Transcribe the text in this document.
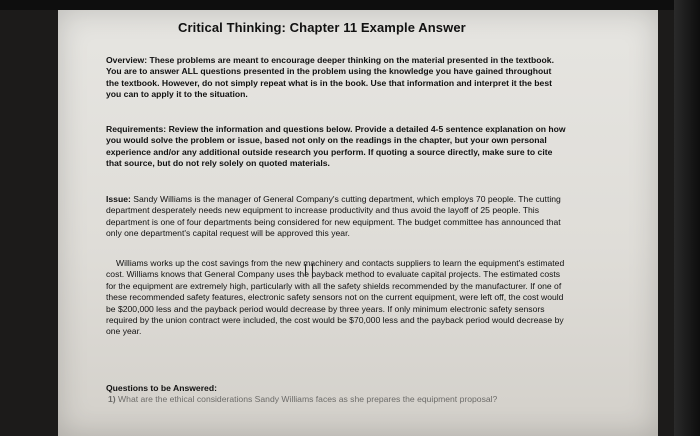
Critical Thinking: Chapter 11 Example Answer
Overview: These problems are meant to encourage deeper thinking on the material presented in the textbook. You are to answer ALL questions presented in the problem using the knowledge you have gained throughout the textbook. However, do not simply repeat what is in the book. Use that information and interpret it the best you can to apply it to the situation.
Requirements: Review the information and questions below. Provide a detailed 4-5 sentence explanation on how you would solve the problem or issue, based not only on the readings in the chapter, but your own personal experience and/or any additional outside research you perform. If quoting a source directly, make sure to cite that source, but do not rely solely on quoted materials.
Issue: Sandy Williams is the manager of General Company's cutting department, which employs 70 people. The cutting department desperately needs new equipment to increase productivity and thus avoid the layoff of 25 people. This department is one of four departments being considered for new equipment. The budget committee has announced that only one department's capital request will be approved this year.
Williams works up the cost savings from the new machinery and contacts suppliers to learn the equipment's estimated cost. Williams knows that General Company uses the payback method to evaluate capital projects. The estimated costs for the equipment are extremely high, particularly with all the safety shields recommended by the manufacturer. If one of these recommended safety features, electronic safety sensors not on the current equipment, were left off, the cost would be $200,000 less and the payback period would decrease by three years. If only minimum electronic safety sensors required by the union contract were included, the cost would be $70,000 less and the payback period would decrease by one year.
Questions to be Answered:
1) What are the ethical considerations Sandy Williams faces as she prepares the equipment proposal?
